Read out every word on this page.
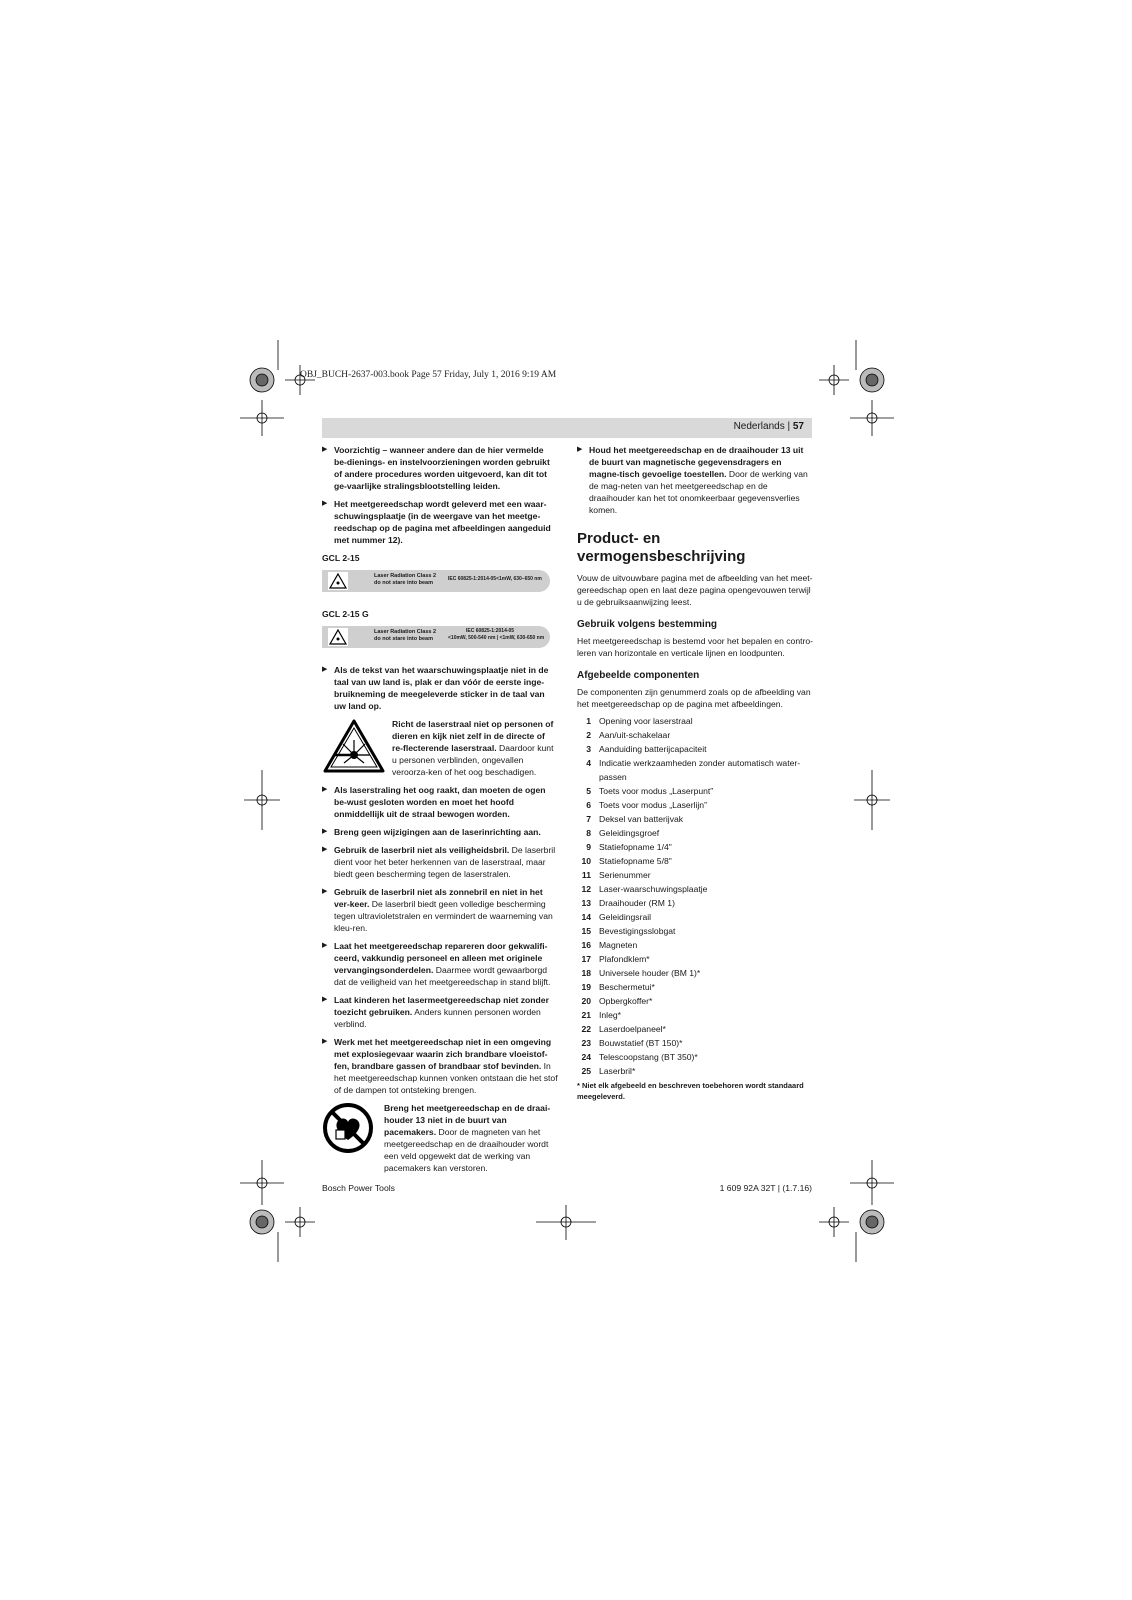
OBJ_BUCH-2637-003.book Page 57 Friday, July 1, 2016 9:19 AM
Nederlands | 57
▶ Voorzichtig – wanneer andere dan de hier vermelde be-dienings- en instelvoorzieningen worden gebruikt of andere procedures worden uitgevoerd, kan dit tot ge-vaarlijke stralingsblootstelling leiden.
▶ Het meetgereedschap wordt geleverd met een waar-schuwingsplaatje (in de weergave van het meetge-reedschap op de pagina met afbeeldingen aangeduid met nummer 12).
GCL 2-15
Laser Radiation Class 2
do not stare into beam
IEC 60825-1:2014-05<1mW, 630–650 nm
GCL 2-15 G
Laser Radiation Class 2
do not stare into beam
IEC 60825-1:2014-05
<10mW, 500-540 nm | <1mW, 630-650 nm
▶ Als de tekst van het waarschuwingsplaatje niet in de taal van uw land is, plak er dan vóór de eerste inge-bruikneming de meegeleverde sticker in de taal van uw land op.
Richt de laserstraal niet op personen of dieren en kijk niet zelf in de directe of re-flecterende laserstraal. Daardoor kunt u personen verblinden, ongevallen veroorza-ken of het oog beschadigen.
▶ Als laserstraling het oog raakt, dan moeten de ogen be-wust gesloten worden en moet het hoofd onmiddellijk uit de straal bewogen worden.
▶ Breng geen wijzigingen aan de laserinrichting aan.
▶ Gebruik de laserbril niet als veiligheidsbril. De laserbril dient voor het beter herkennen van de laserstraal, maar biedt geen bescherming tegen de laserstralen.
▶ Gebruik de laserbril niet als zonnebril en niet in het ver-keer. De laserbril biedt geen volledige bescherming tegen ultravioletstralen en vermindert de waarneming van kleu-ren.
▶ Laat het meetgereedschap repareren door gekwalifi-ceerd, vakkundig personeel en alleen met originele vervangingsonderdelen. Daarmee wordt gewaarborgd dat de veiligheid van het meetgereedschap in stand blijft.
▶ Laat kinderen het lasermeetgereedschap niet zonder toezicht gebruiken. Anders kunnen personen worden verblind.
▶ Werk met het meetgereedschap niet in een omgeving met explosiegevaar waarin zich brandbare vloeistof-fen, brandbare gassen of brandbaar stof bevinden. In het meetgereedschap kunnen vonken ontstaan die het stof of de dampen tot ontsteking brengen.
Breng het meetgereedschap en de draai-houder 13 niet in de buurt van pacemakers. Door de magneten van het meetgereedschap en de draaihouder wordt een veld opgewekt dat de werking van pacemakers kan verstoren.
▶ Houd het meetgereedschap en de draaihouder 13 uit de buurt van magnetische gegevensdragers en magne-tisch gevoelige toestellen. Door de werking van de mag-neten van het meetgereedschap en de draaihouder kan het tot onomkeerbaar gegevensverlies komen.
Product- en vermogensbeschrijving

Vouw de uitvouwbare pagina met de afbeelding van het meet-gereedschap open en laat deze pagina opengevouwen terwijl u de gebruiksaanwijzing leest.

Gebruik volgens bestemming

Het meetgereedschap is bestemd voor het bepalen en contro-leren van horizontale en verticale lijnen en loodpunten.

Afgebeelde componenten

De componenten zijn genummerd zoals op de afbeelding van het meetgereedschap op de pagina met afbeeldingen.

1 Opening voor laserstraal
2 Aan/uit-schakelaar
3 Aanduiding batterijcapaciteit
4 Indicatie werkzaamheden zonder automatisch water-passen
5 Toets voor modus „Laserpunt”
6 Toets voor modus „Laserlijn”
7 Deksel van batterijvak
8 Geleidingsgroef
9 Statiefopname 1/4"
10 Statiefopname 5/8"
11 Serienummer
12 Laser-waarschuwingsplaatje
13 Draaihouder (RM 1)
14 Geleidingsrail
15 Bevestigingsslobgat
16 Magneten
17 Plafondklem*
18 Universele houder (BM 1)*
19 Beschermetui*
20 Opbergkoffer*
21 Inleg*
22 Laserdoelpaneel*
23 Bouwstatief (BT 150)*
24 Telescoopstang (BT 350)*
25 Laserbril*
* Niet elk afgebeeld en beschreven toebehoren wordt standaard meegeleverd.
Bosch Power Tools	1 609 92A 32T | (1.7.16)
